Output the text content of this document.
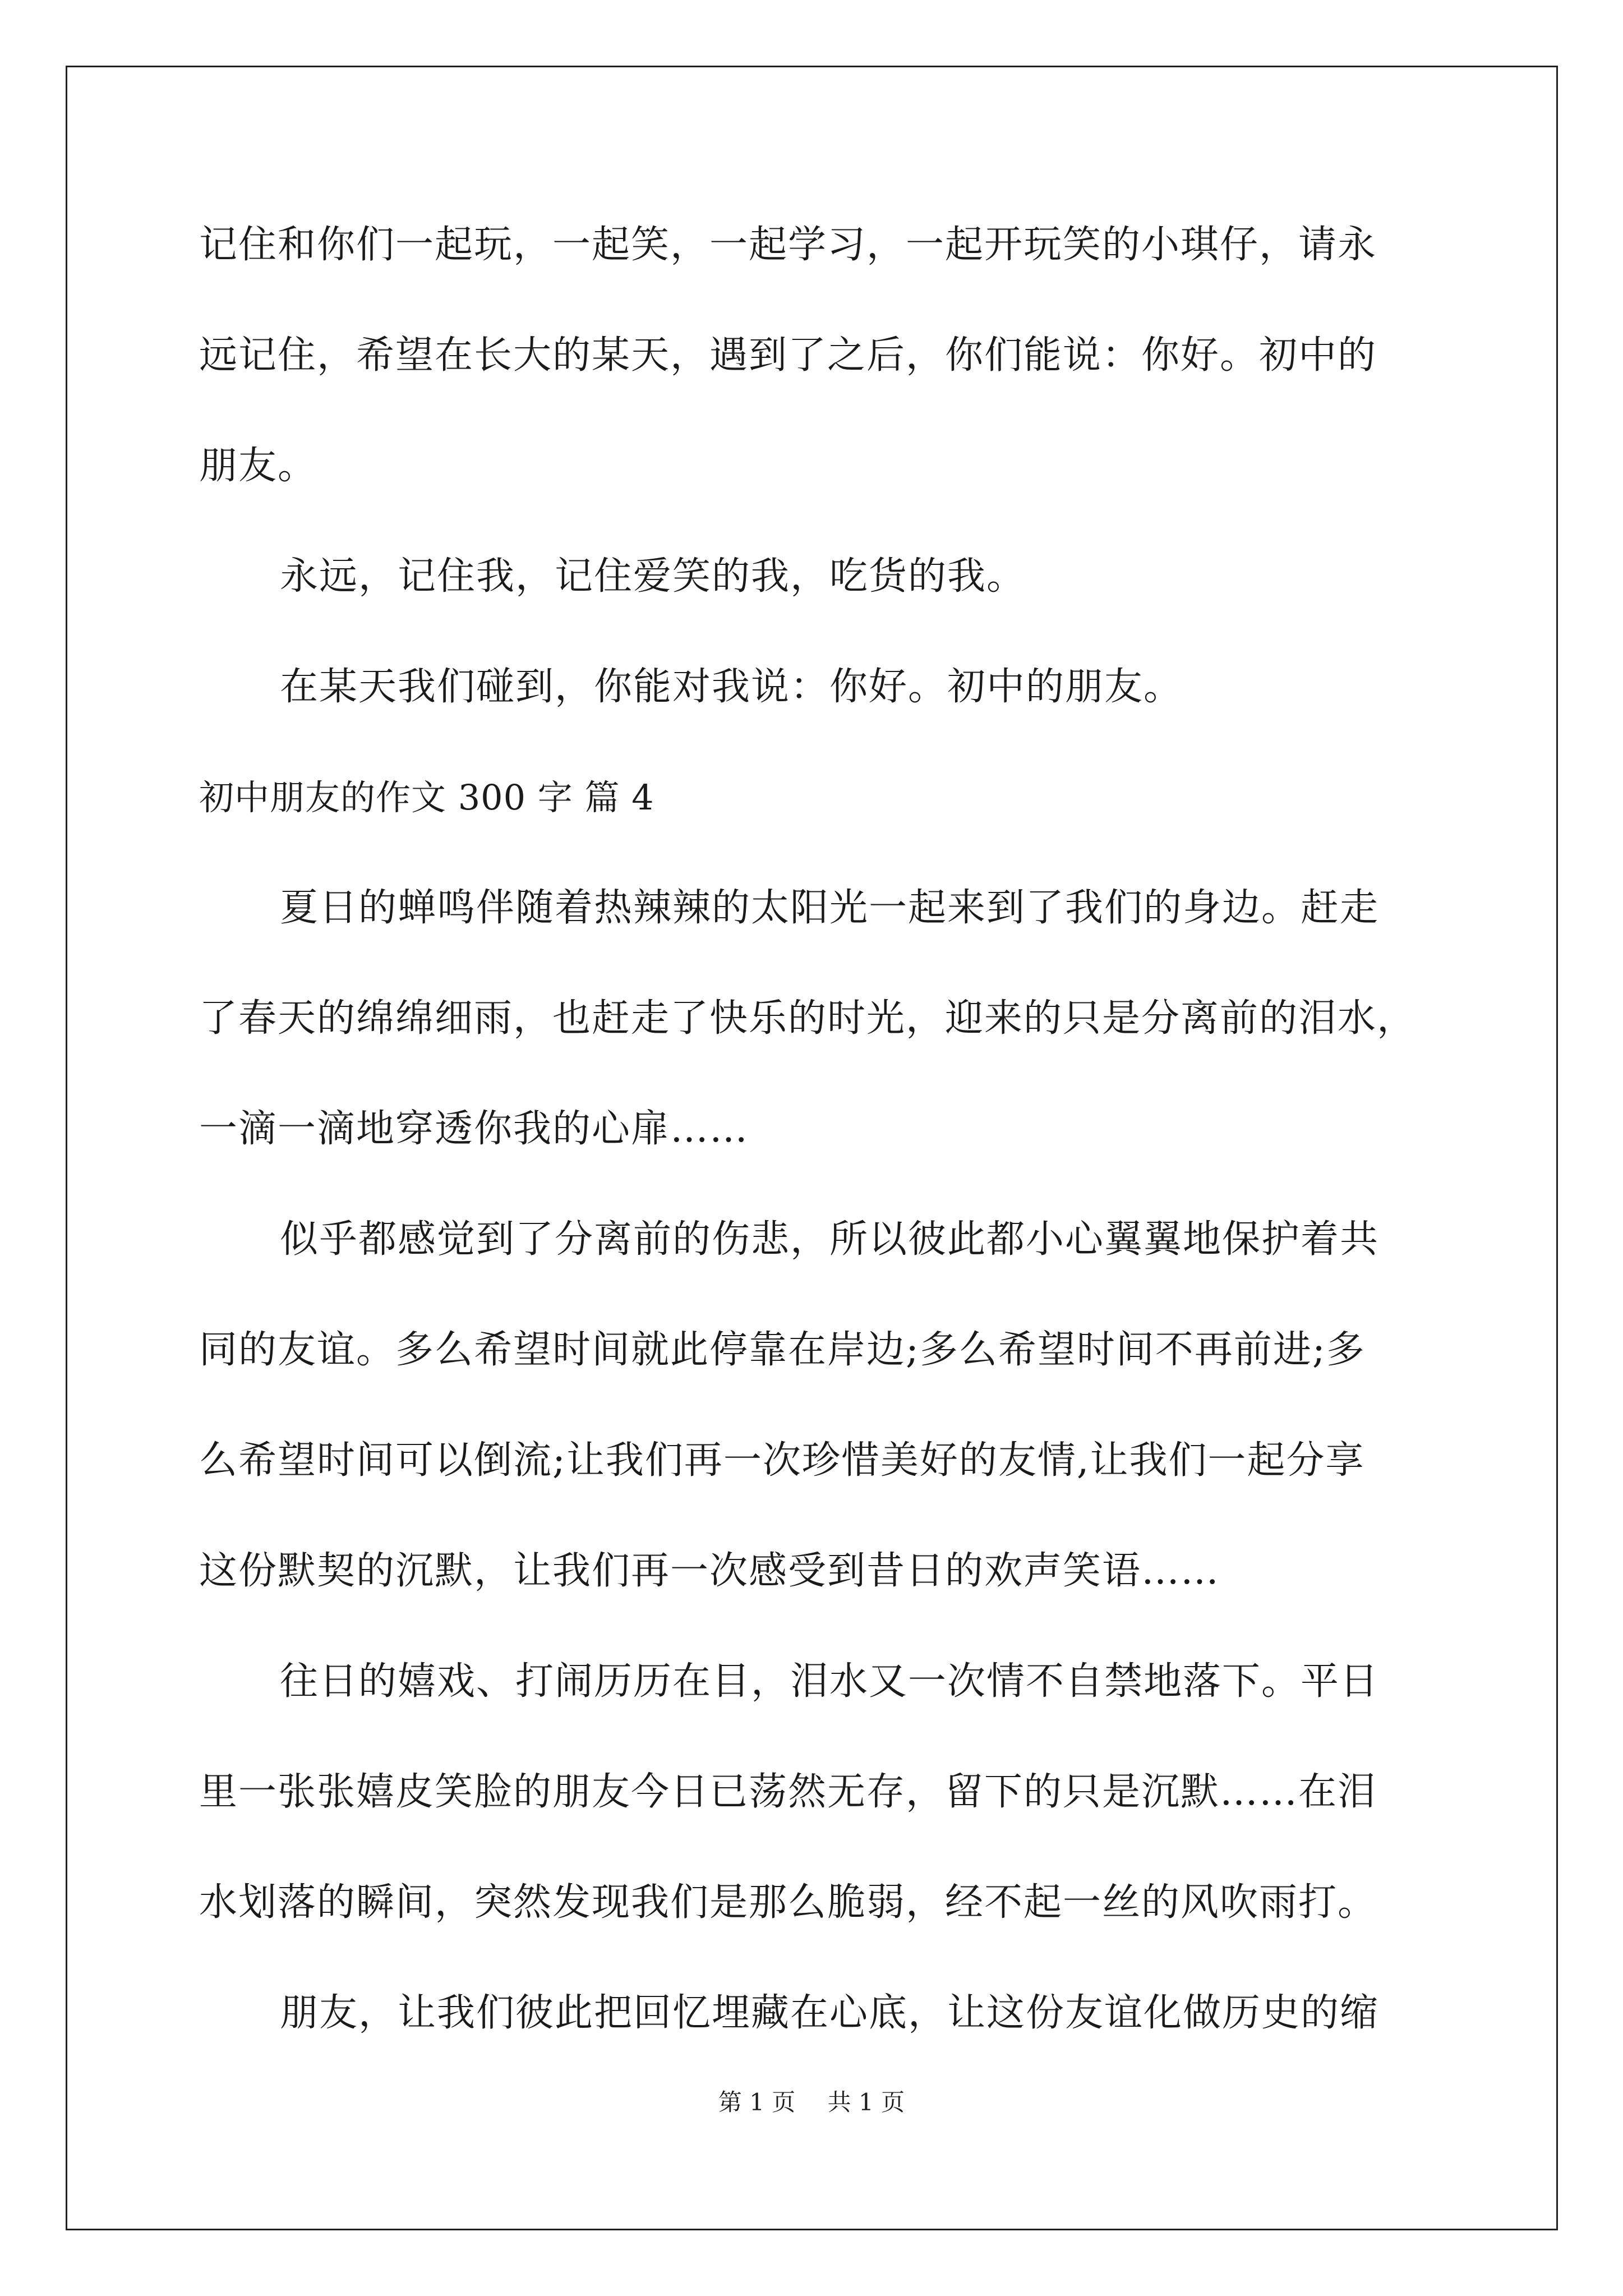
记住和你们一起玩，一起笑，一起学习，一起开玩笑的小琪仔，请永
远记住，希望在长大的某天，遇到了之后，你们能说：你好。初中的
朋友。
永远，记住我，记住爱笑的我，吃货的我。
在某天我们碰到，你能对我说：你好。初中的朋友。
初中朋友的作文 300 字 篇 4
夏日的蝉鸣伴随着热辣辣的太阳光一起来到了我们的身边。赶走
了春天的绵绵细雨，也赶走了快乐的时光，迎来的只是分离前的泪水，
一滴一滴地穿透你我的心扉……
似乎都感觉到了分离前的伤悲，所以彼此都小心翼翼地保护着共
同的友谊。多么希望时间就此停靠在岸边;多么希望时间不再前进;多
么希望时间可以倒流;让我们再一次珍惜美好的友情,让我们一起分享
这份默契的沉默，让我们再一次感受到昔日的欢声笑语……
往日的嬉戏、打闹历历在目，泪水又一次情不自禁地落下。平日
里一张张嬉皮笑脸的朋友今日已荡然无存，留下的只是沉默……在泪
水划落的瞬间，突然发现我们是那么脆弱，经不起一丝的风吹雨打。
朋友，让我们彼此把回忆埋藏在心底，让这份友谊化做历史的缩
第 1 页 共 1 页
